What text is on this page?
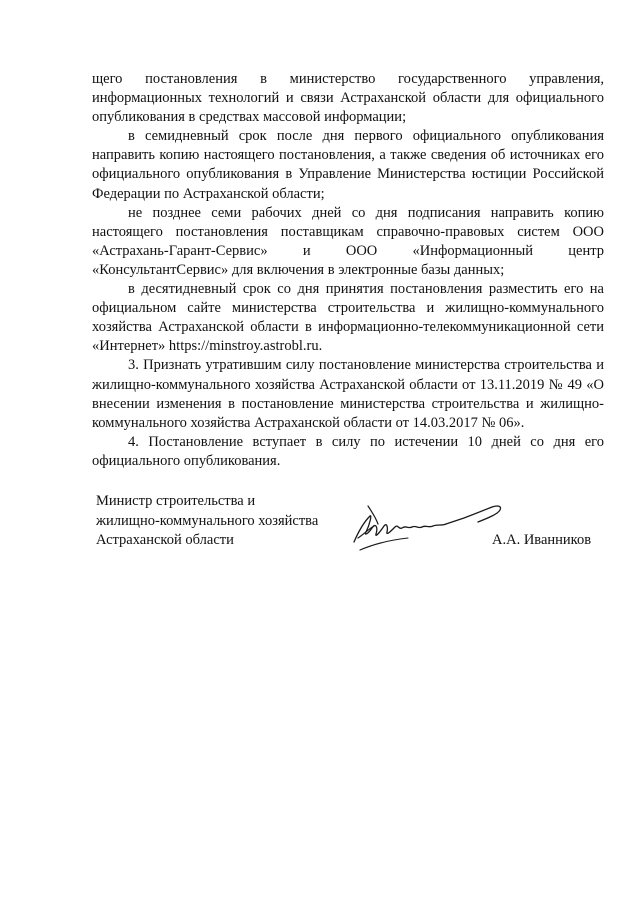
щего постановления в министерство государственного управления, информационных технологий и связи Астраханской области для официального опубликования в средствах массовой информации;

в семидневный срок после дня первого официального опубликования направить копию настоящего постановления, а также сведения об источниках его официального опубликования в Управление Министерства юстиции Российской Федерации по Астраханской области;

не позднее семи рабочих дней со дня подписания направить копию настоящего постановления поставщикам справочно-правовых систем ООО «Астрахань-Гарант-Сервис» и ООО «Информационный центр «КонсультантСервис» для включения в электронные базы данных;

в десятидневный срок со дня принятия постановления разместить его на официальном сайте министерства строительства и жилищно-коммунального хозяйства Астраханской области в информационно-телекоммуникационной сети «Интернет» https://minstroy.astrobl.ru.

3. Признать утратившим силу постановление министерства строительства и жилищно-коммунального хозяйства Астраханской области от 13.11.2019 № 49 «О внесении изменения в постановление министерства строительства и жилищно-коммунального хозяйства Астраханской области от 14.03.2017 № 06».

4. Постановление вступает в силу по истечении 10 дней со дня его официального опубликования.

Министр строительства и
жилищно-коммунального хозяйства
Астраханской области	А.А. Иванников
